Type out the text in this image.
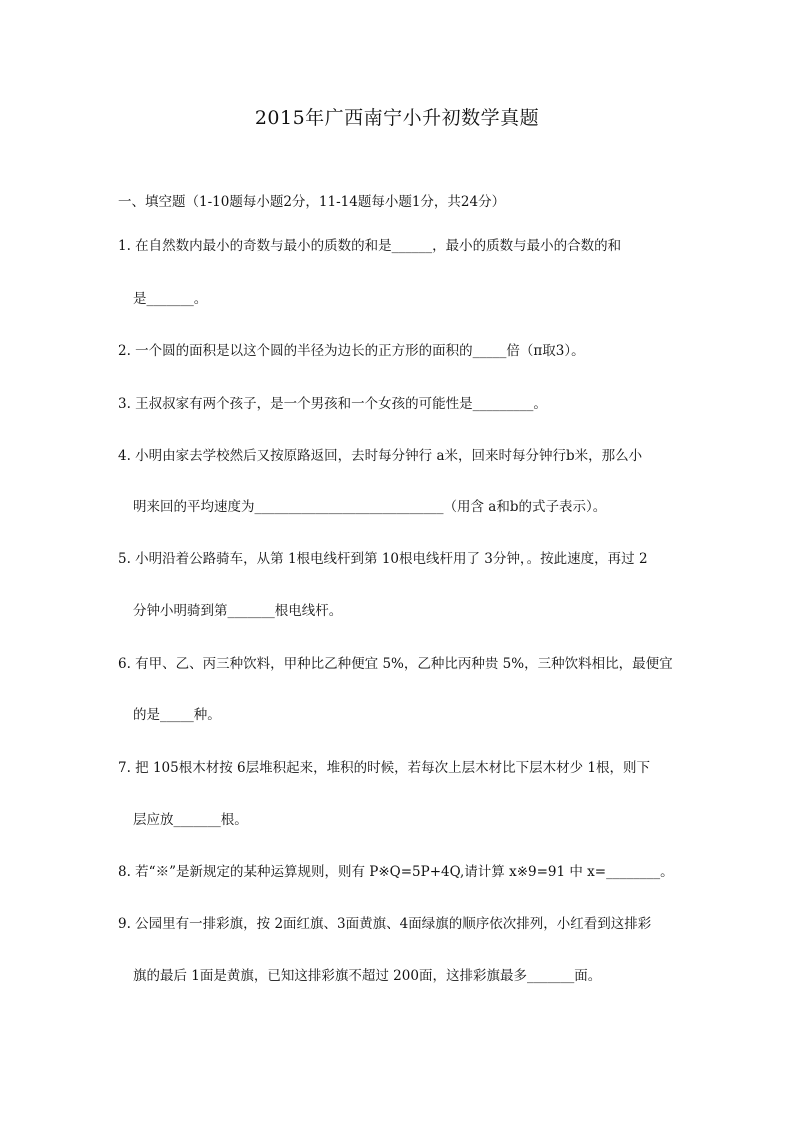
2015年广西南宁小升初数学真题
一、填空题（1-10题每小题2分，11-14题每小题1分，共24分）
1. 在自然数内最小的奇数与最小的质数的和是______，最小的质数与最小的合数的和
是_______。
2. 一个圆的面积是以这个圆的半径为边长的正方形的面积的_____倍（π取3）。
3. 王叔叔家有两个孩子，是一个男孩和一个女孩的可能性是_________。
4. 小明由家去学校然后又按原路返回，去时每分钟行 a米，回来时每分钟行b米，那么小
明来回的平均速度为____________________________（用含 a和b的式子表示）。
5. 小明沿着公路骑车，从第 1根电线杆到第 10根电线杆用了 3分钟，。按此速度，再过 2
分钟小明骑到第_______根电线杆。
6. 有甲、乙、丙三种饮料，甲种比乙种便宜 5%，乙种比丙种贵 5%，三种饮料相比，最便宜
的是_____种。
7. 把 105根木材按 6层堆积起来，堆积的时候，若每次上层木材比下层木材少 1根，则下
层应放_______根。
8. 若“※”是新规定的某种运算规则，则有 P※Q=5P+4Q,请计算 x※9=91 中 x=________。
9. 公园里有一排彩旗，按 2面红旗、3面黄旗、4面绿旗的顺序依次排列，小红看到这排彩
旗的最后 1面是黄旗，已知这排彩旗不超过 200面，这排彩旗最多_______面。
